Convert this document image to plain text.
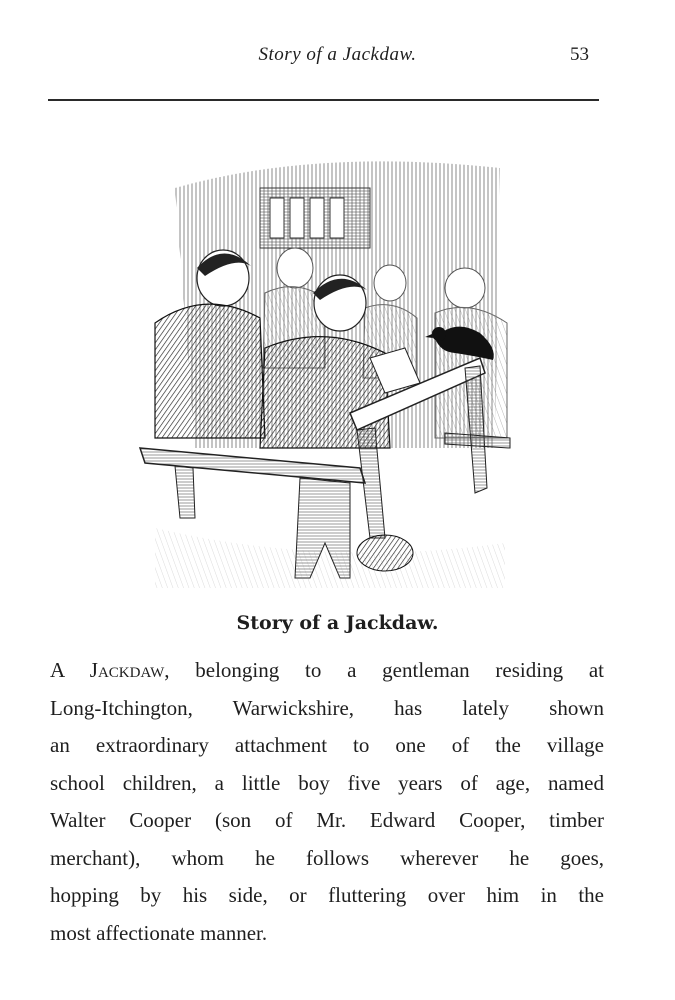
Story of a Jackdaw.	53
Story of a Jackdaw.
A Jackdaw, belonging to a gentleman residing at
Long-Itchington, Warwickshire, has lately shown
an extraordinary attachment to one of the village
school children, a little boy five years of age, named
Walter Cooper (son of Mr. Edward Cooper, timber
merchant), whom he follows wherever he goes,
hopping by his side, or fluttering over him in the
most affectionate manner.
